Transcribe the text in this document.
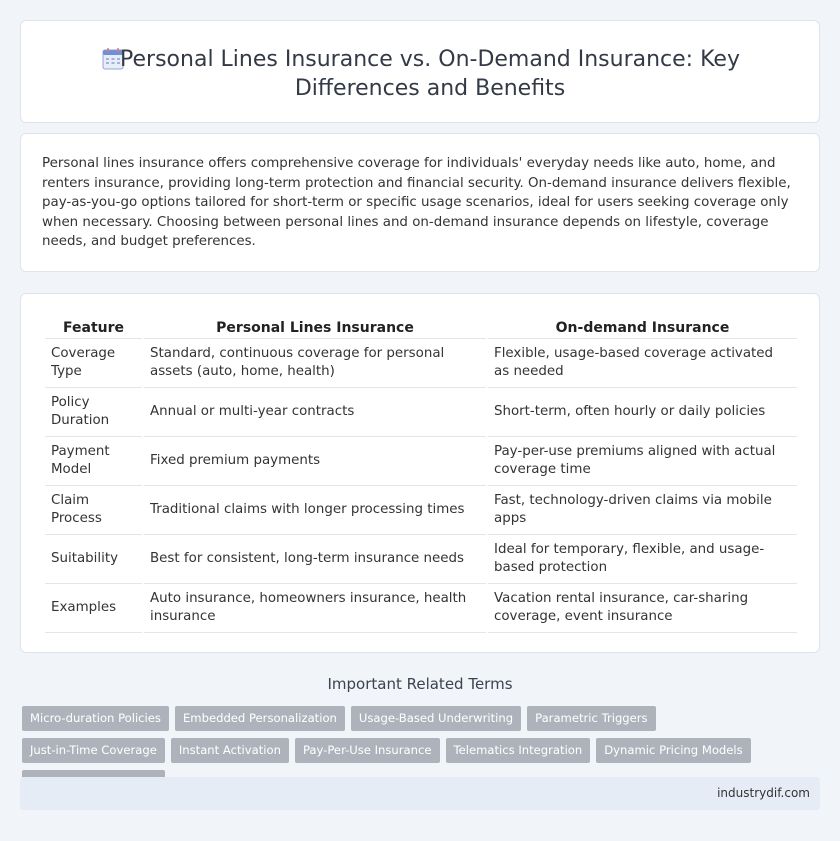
Personal Lines Insurance vs. On-Demand Insurance: Key Differences and Benefits

Personal lines insurance offers comprehensive coverage for individuals' everyday needs like auto, home, and renters insurance, providing long-term protection and financial security. On-demand insurance delivers flexible, pay-as-you-go options tailored for short-term or specific usage scenarios, ideal for users seeking coverage only when necessary. Choosing between personal lines and on-demand insurance depends on lifestyle, coverage needs, and budget preferences.

Feature	Personal Lines Insurance	On-demand Insurance
Coverage Type	Standard, continuous coverage for personal assets (auto, home, health)	Flexible, usage-based coverage activated as needed
Policy Duration	Annual or multi-year contracts	Short-term, often hourly or daily policies
Payment Model	Fixed premium payments	Pay-per-use premiums aligned with actual coverage time
Claim Process	Traditional claims with longer processing times	Fast, technology-driven claims via mobile apps
Suitability	Best for consistent, long-term insurance needs	Ideal for temporary, flexible, and usage-based protection
Examples	Auto insurance, homeowners insurance, health insurance	Vacation rental insurance, car-sharing coverage, event insurance
Important Related Terms
Micro-duration Policies	Embedded Personalization	Usage-Based Underwriting	Parametric Triggers
Just-in-Time Coverage	Instant Activation	Pay-Per-Use Insurance	Telematics Integration	Dynamic Pricing Models
industrydif.com
